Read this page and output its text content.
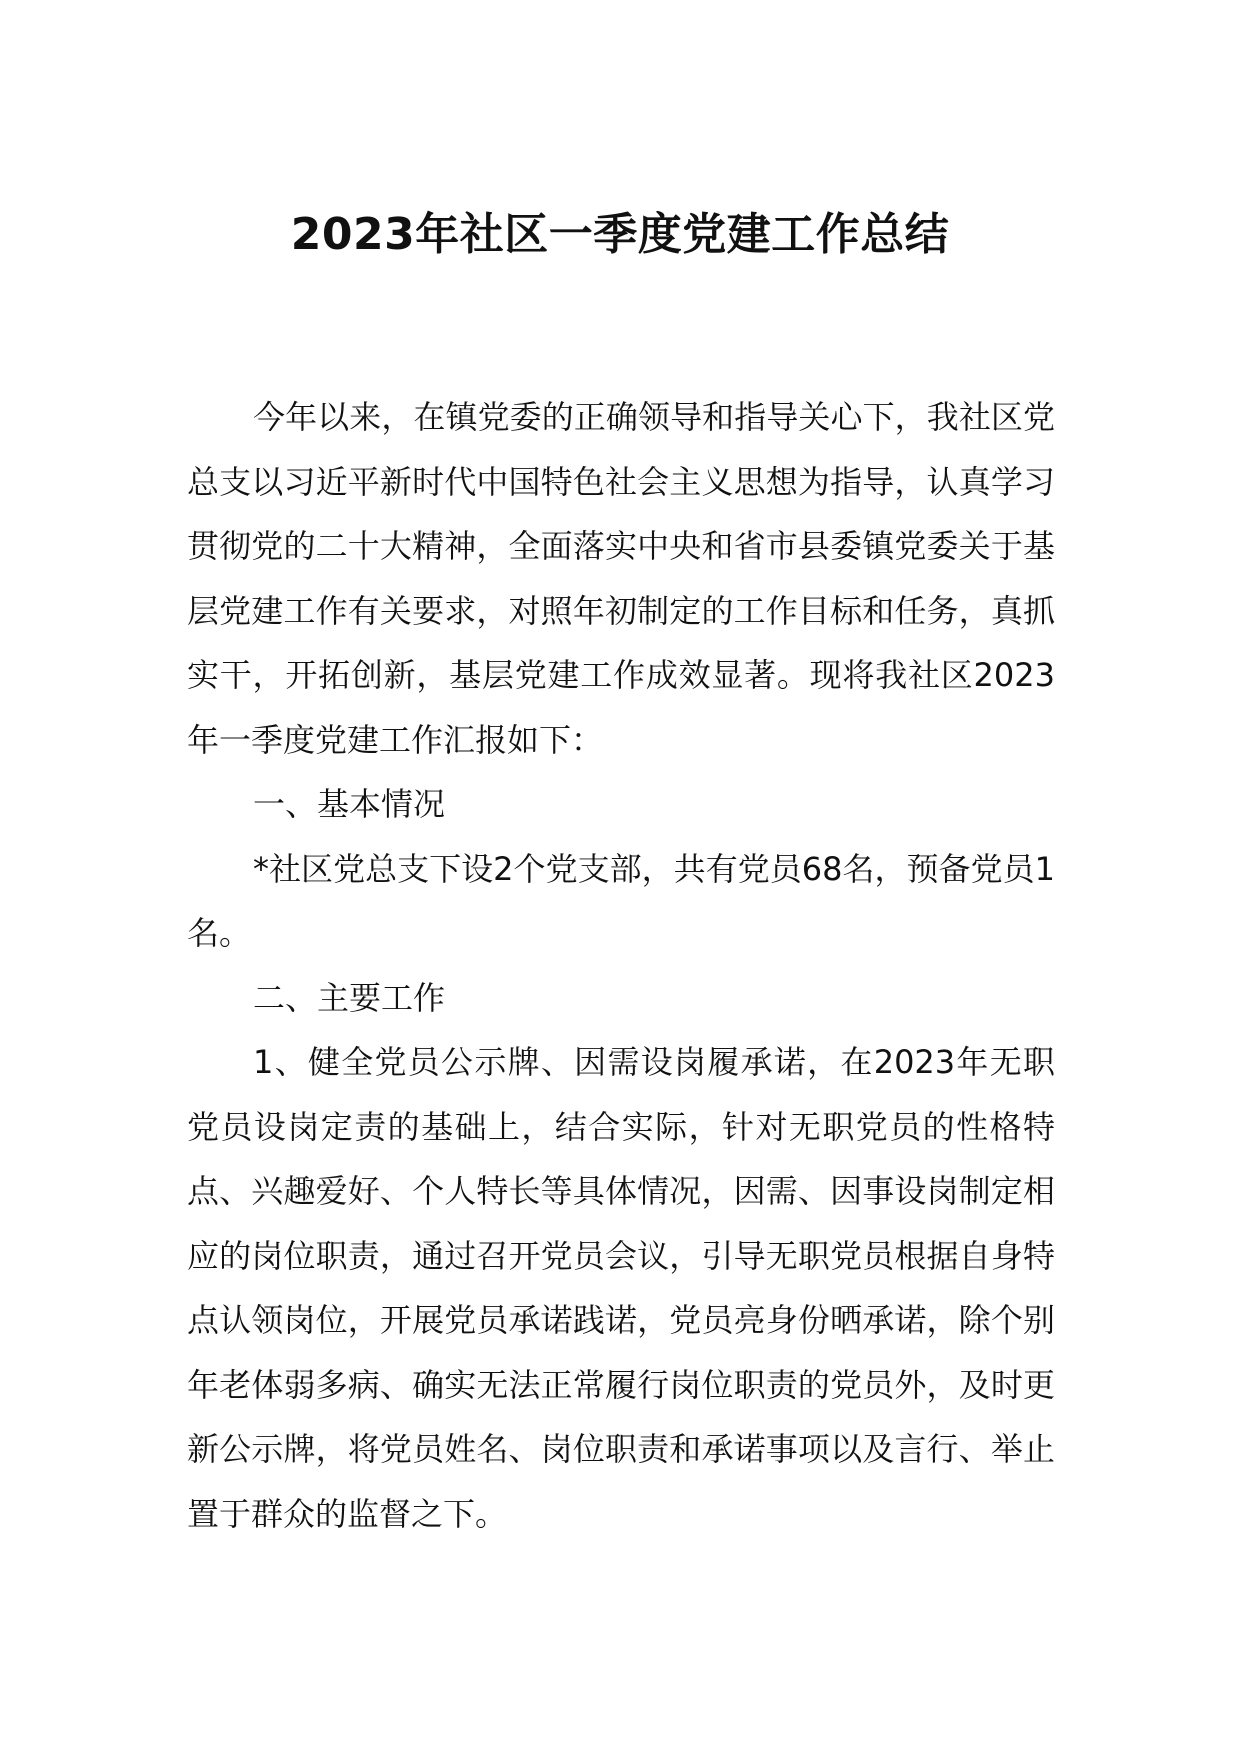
2023年社区一季度党建工作总结

今年以来，在镇党委的正确领导和指导关心下，我社区党总支以习近平新时代中国特色社会主义思想为指导，认真学习贯彻党的二十大精神，全面落实中央和省市县委镇党委关于基层党建工作有关要求，对照年初制定的工作目标和任务，真抓实干，开拓创新，基层党建工作成效显著。现将我社区2023年一季度党建工作汇报如下：

一、基本情况

*社区党总支下设2个党支部，共有党员68名，预备党员1名。

二、主要工作

1、健全党员公示牌、因需设岗履承诺，在2023年无职党员设岗定责的基础上，结合实际，针对无职党员的性格特点、兴趣爱好、个人特长等具体情况，因需、因事设岗制定相应的岗位职责，通过召开党员会议，引导无职党员根据自身特点认领岗位，开展党员承诺践诺，党员亮身份晒承诺，除个别年老体弱多病、确实无法正常履行岗位职责的党员外，及时更新公示牌，将党员姓名、岗位职责和承诺事项以及言行、举止置于群众的监督之下。
